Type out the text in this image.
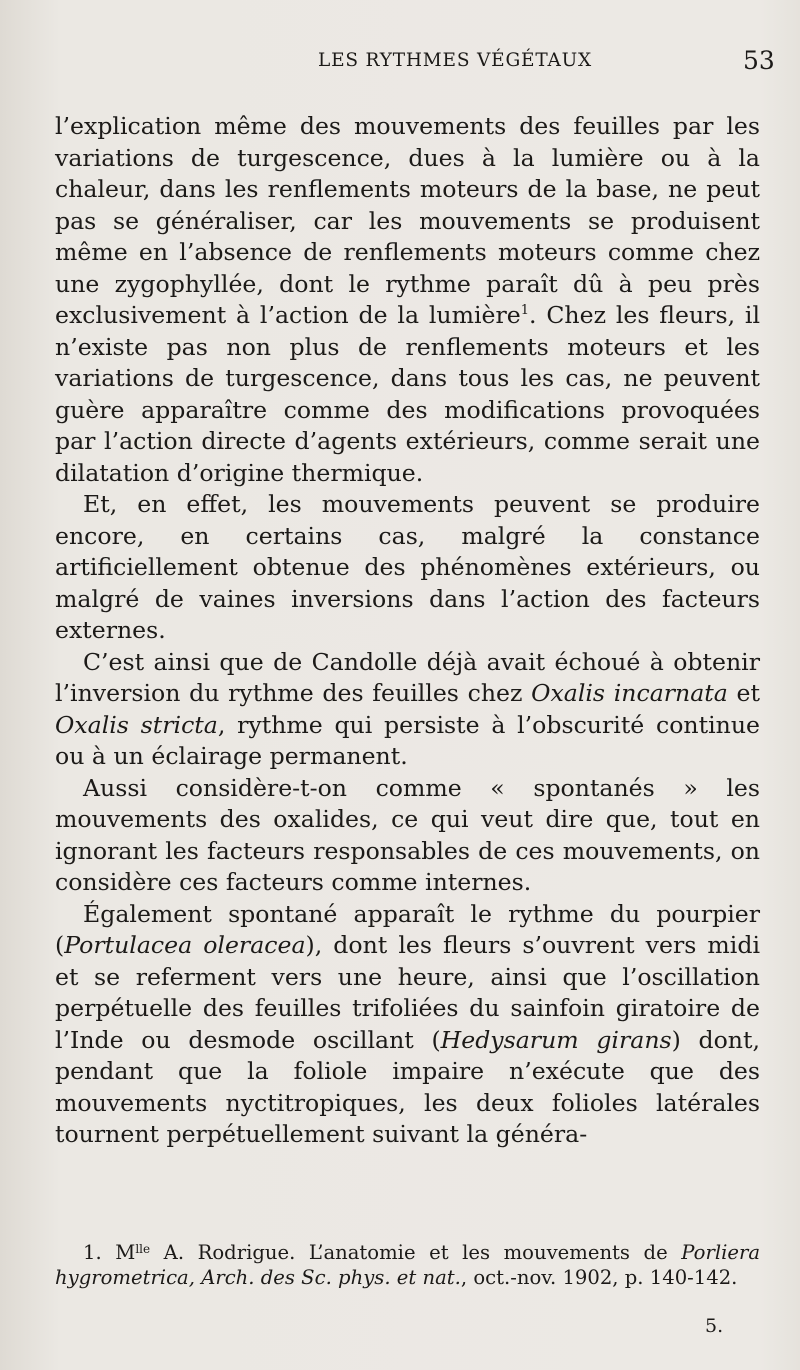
LES RYTHMES VÉGÉTAUX	53

l’explication même des mouvements des feuilles par les variations de turgescence, dues à la lumière ou à la chaleur, dans les renflements moteurs de la base, ne peut pas se généraliser, car les mouvements se produisent même en l’absence de renflements moteurs comme chez une zygophyllée, dont le rythme paraît dû à peu près exclusivement à l’action de la lumière$^1$. Chez les fleurs, il n’existe pas non plus de renflements moteurs et les variations de turgescence, dans tous les cas, ne peuvent guère apparaître comme des modifications provoquées par l’action directe d’agents extérieurs, comme serait une dilatation d’origine thermique.

Et, en effet, les mouvements peuvent se produire encore, en certains cas, malgré la constance artificiellement obtenue des phénomènes extérieurs, ou malgré de vaines inversions dans l’action des facteurs externes.

C’est ainsi que de Candolle déjà avait échoué à obtenir l’inversion du rythme des feuilles chez Oxalis incarnata et Oxalis stricta, rythme qui persiste à l’obscurité continue ou à un éclairage permanent.

Aussi considère-t-on comme « spontanés » les mouvements des oxalides, ce qui veut dire que, tout en ignorant les facteurs responsables de ces mouvements, on considère ces facteurs comme internes.

Également spontané apparaît le rythme du pourpier (Portulacea oleracea), dont les fleurs s’ouvrent vers midi et se referment vers une heure, ainsi que l’oscillation perpétuelle des feuilles trifoliées du sainfoin giratoire de l’Inde ou desmode oscillant (Hedysarum girans) dont, pendant que la foliole impaire n’exécute que des mouvements nyctitropiques, les deux folioles latérales tournent perpétuellement suivant la généra-

1. $M^{lle}$ A. Rodrigue. L’anatomie et les mouvements de Porliera hygrometrica, Arch. des Sc. phys. et nat., oct.-nov. 1902, p. 140-142.
5.
